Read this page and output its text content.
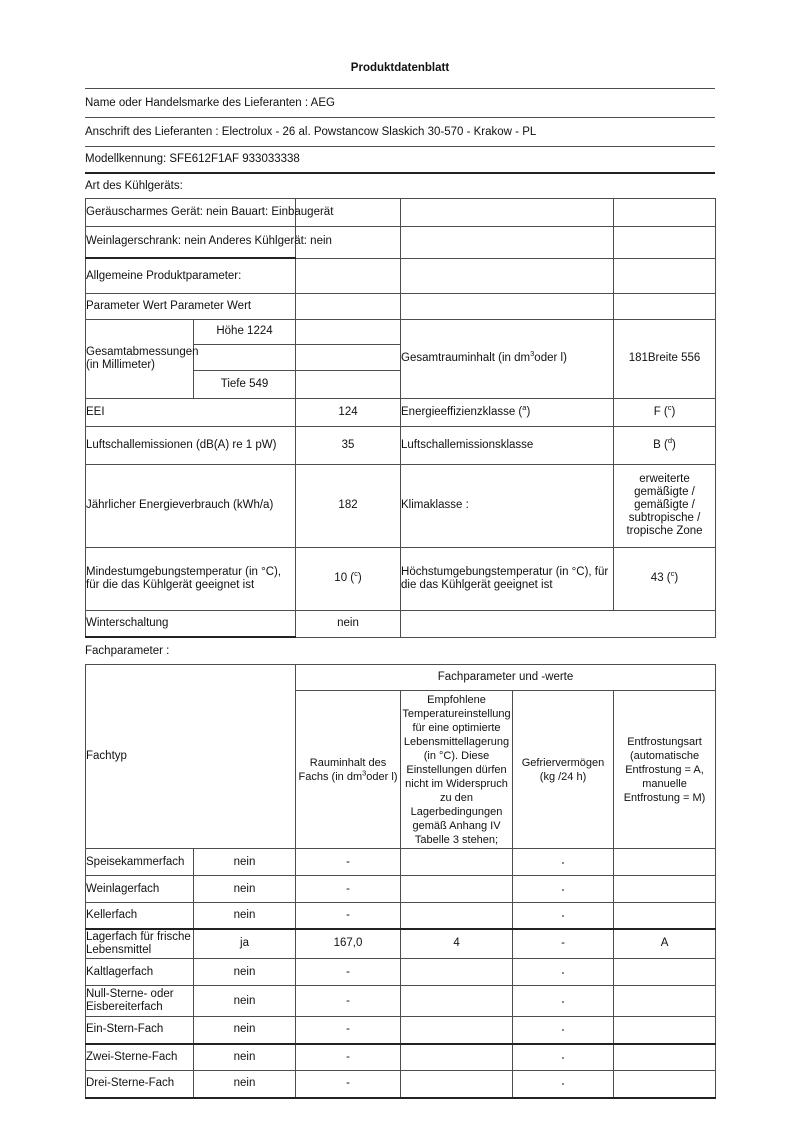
Produktdatenblatt
Name oder Handelsmarke des Lieferanten : AEG
Anschrift des Lieferanten : Electrolux - 26 al. Powstancow Slaskich 30-570 - Krakow - PL
Modellkennung: SFE612F1AF 933033338
Art des Kühlgeräts:
Geräuscharmes Gerät: nein Bauart: Einbaugerät				
Weinlagerschrank: nein Anderes Kühlgerät: nein				
Allgemeine Produktparameter:				
Parameter Wert Parameter Wert				
Gesamtabmessungen (in Millimeter)	Höhe 1224		Gesamtrauminhalt (in $dm^3oder$ l)	181Breite 556

	Tiefe 549			
EEI		124	Energieeffizienzklasse ($^a$)	F ($^c$)
Luftschallemissionen (dB(A) re 1 pW)		35	Luftschallemissionsklasse	B ($^d$)
Jährlicher Energieverbrauch (kWh/a)		182	Klimaklasse :	erweiterte gemäßigte / gemäßigte / subtropische / tropische Zone
Mindestumgebungstemperatur (in °C), für die das Kühlgerät geeignet ist		10 ($^c$)	Höchstumgebungstemperatur (in °C), für die das Kühlgerät geeignet ist	43 ($^c$)
Winterschaltung		nein		
Fachparameter :
Fachtyp		Fachparameter und -werte			
		Rauminhalt des Fachs (in $dm^3oder$ l)	Empfohlene Temperatureinstellung für eine optimierte Lebensmittellagerung (in °C). Diese Einstellungen dürfen nicht im Widerspruch zu den Lagerbedingungen gemäß Anhang IV Tabelle 3 stehen;	Gefriervermögen (kg /24 h)	Entfrostungsart (automatische Entfrostung = A, manuelle Entfrostung = M)
Speisekammerfach	nein	-		-	
Weinlagerfach	nein	-		-	
Kellerfach	nein	-		-	
Lagerfach für frische Lebensmittel	ja	167,0	4	-	A
Kaltlagerfach	nein	-		-	
Null-Sterne- oder Eisbereiterfach	nein	-		-	
Ein-Stern-Fach	nein	-		-	
Zwei-Sterne-Fach	nein	-		-	
Drei-Sterne-Fach	nein	-		-	
